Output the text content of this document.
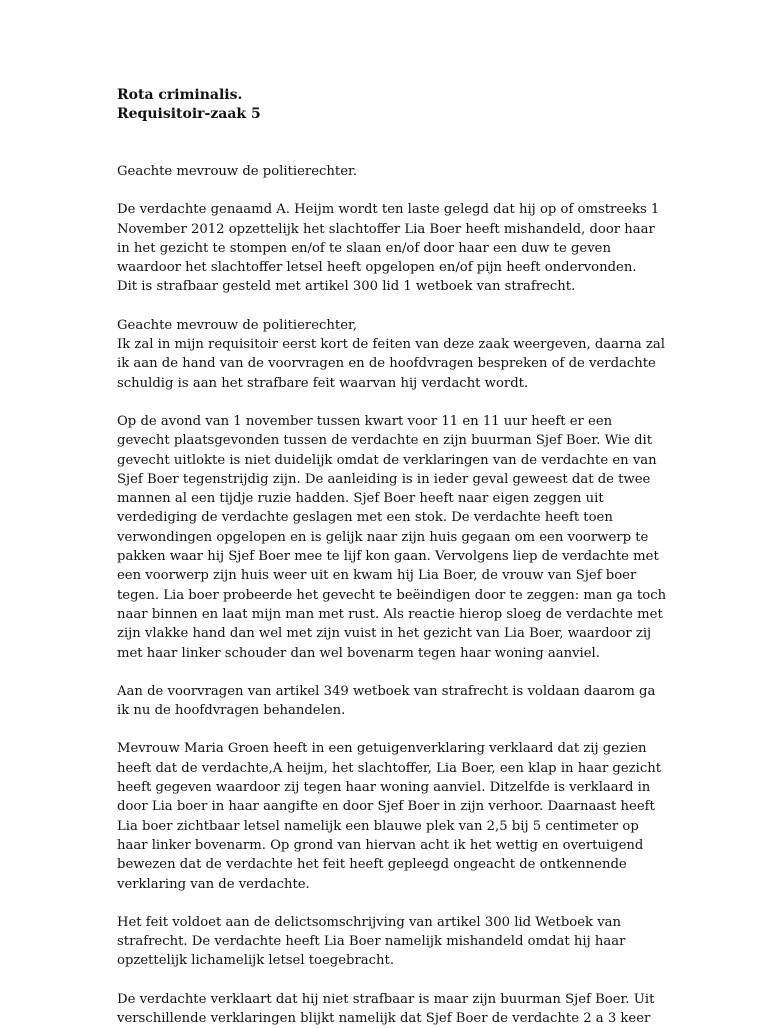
Rota criminalis.

Requisitoir-zaak 5

Geachte mevrouw de politierechter.

De verdachte genaamd A. Heijm wordt ten laste gelegd dat hij op of omstreeks 1
November 2012 opzettelijk het slachtoffer Lia Boer heeft mishandeld, door haar
in het gezicht te stompen en/of te slaan en/of door haar een duw te geven
waardoor het slachtoffer letsel heeft opgelopen en/of pijn heeft ondervonden.
Dit is strafbaar gesteld met artikel 300 lid 1 wetboek van strafrecht.

Geachte mevrouw de politierechter,
Ik zal in mijn requisitoir eerst kort de feiten van deze zaak weergeven, daarna zal
ik aan de hand van de voorvragen en de hoofdvragen bespreken of de verdachte
schuldig is aan het strafbare feit waarvan hij verdacht wordt.

Op de avond van 1 november tussen kwart voor 11 en 11 uur heeft er een
gevecht plaatsgevonden tussen de verdachte en zijn buurman Sjef Boer. Wie dit
gevecht uitlokte is niet duidelijk omdat de verklaringen van de verdachte en van
Sjef Boer tegenstrijdig zijn. De aanleiding is in ieder geval geweest dat de twee
mannen al een tijdje ruzie hadden. Sjef Boer heeft naar eigen zeggen uit
verdediging de verdachte geslagen met een stok. De verdachte heeft toen
verwondingen opgelopen en is gelijk naar zijn huis gegaan om een voorwerp te
pakken waar hij Sjef Boer mee te lijf kon gaan. Vervolgens liep de verdachte met
een voorwerp zijn huis weer uit en kwam hij Lia Boer, de vrouw van Sjef boer
tegen. Lia boer probeerde het gevecht te beëindigen door te zeggen: man ga toch
naar binnen en laat mijn man met rust. Als reactie hierop sloeg de verdachte met
zijn vlakke hand dan wel met zijn vuist in het gezicht van Lia Boer, waardoor zij
met haar linker schouder dan wel bovenarm tegen haar woning aanviel.

Aan de voorvragen van artikel 349 wetboek van strafrecht is voldaan daarom ga
ik nu de hoofdvragen behandelen.

Mevrouw Maria Groen heeft in een getuigenverklaring verklaard dat zij gezien
heeft dat de verdachte,A heijm, het slachtoffer, Lia Boer, een klap in haar gezicht
heeft gegeven waardoor zij tegen haar woning aanviel. Ditzelfde is verklaard in
door Lia boer in haar aangifte en door Sjef Boer in zijn verhoor. Daarnaast heeft
Lia boer zichtbaar letsel namelijk een blauwe plek van 2,5 bij 5 centimeter op
haar linker bovenarm. Op grond van hiervan acht ik het wettig en overtuigend
bewezen dat de verdachte het feit heeft gepleegd ongeacht de ontkennende
verklaring van de verdachte.

Het feit voldoet aan de delictsomschrijving van artikel 300 lid Wetboek van
strafrecht. De verdachte heeft Lia Boer namelijk mishandeld omdat hij haar
opzettelijk lichamelijk letsel toegebracht.

De verdachte verklaart dat hij niet strafbaar is maar zijn buurman Sjef Boer. Uit
verschillende verklaringen blijkt namelijk dat Sjef Boer de verdachte 2 a 3 keer
